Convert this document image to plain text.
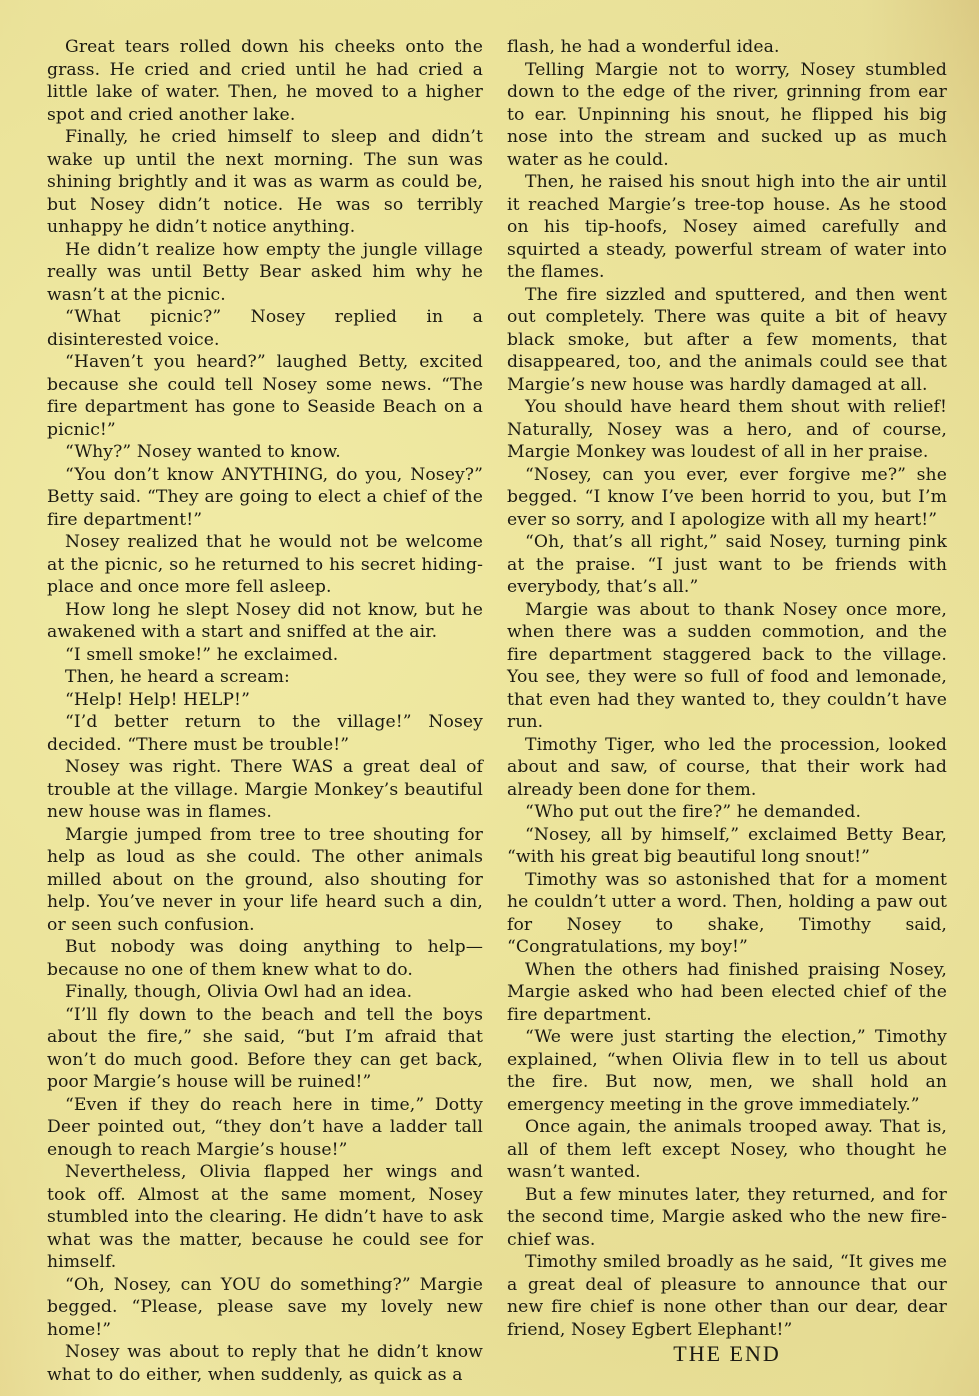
Great tears rolled down his cheeks onto the grass. He cried and cried until he had cried a little lake of water. Then, he moved to a higher spot and cried another lake.

Finally, he cried himself to sleep and didn’t wake up until the next morning. The sun was shining brightly and it was as warm as could be, but Nosey didn’t notice. He was so terribly unhappy he didn’t notice anything.

He didn’t realize how empty the jungle village really was until Betty Bear asked him why he wasn’t at the picnic.

“What picnic?” Nosey replied in a disinterested voice.

“Haven’t you heard?” laughed Betty, excited because she could tell Nosey some news. “The fire department has gone to Seaside Beach on a picnic!”

“Why?” Nosey wanted to know.

“You don’t know ANYTHING, do you, Nosey?” Betty said. “They are going to elect a chief of the fire department!”

Nosey realized that he would not be welcome at the picnic, so he returned to his secret hiding-place and once more fell asleep.

How long he slept Nosey did not know, but he awakened with a start and sniffed at the air.

“I smell smoke!” he exclaimed.

Then, he heard a scream:

“Help! Help! HELP!”

“I’d better return to the village!” Nosey decided. “There must be trouble!”

Nosey was right. There WAS a great deal of trouble at the village. Margie Monkey’s beautiful new house was in flames.

Margie jumped from tree to tree shouting for help as loud as she could. The other animals milled about on the ground, also shouting for help. You’ve never in your life heard such a din, or seen such confusion.

But nobody was doing anything to help—because no one of them knew what to do.

Finally, though, Olivia Owl had an idea.

“I’ll fly down to the beach and tell the boys about the fire,” she said, “but I’m afraid that won’t do much good. Before they can get back, poor Margie’s house will be ruined!”

“Even if they do reach here in time,” Dotty Deer pointed out, “they don’t have a ladder tall enough to reach Margie’s house!”

Nevertheless, Olivia flapped her wings and took off. Almost at the same moment, Nosey stumbled into the clearing. He didn’t have to ask what was the matter, because he could see for himself.

“Oh, Nosey, can YOU do something?” Margie begged. “Please, please save my lovely new home!”

Nosey was about to reply that he didn’t know what to do either, when suddenly, as quick as a

flash, he had a wonderful idea.

Telling Margie not to worry, Nosey stumbled down to the edge of the river, grinning from ear to ear. Unpinning his snout, he flipped his big nose into the stream and sucked up as much water as he could.

Then, he raised his snout high into the air until it reached Margie’s tree-top house. As he stood on his tip-hoofs, Nosey aimed carefully and squirted a steady, powerful stream of water into the flames.

The fire sizzled and sputtered, and then went out completely. There was quite a bit of heavy black smoke, but after a few moments, that disappeared, too, and the animals could see that Margie’s new house was hardly damaged at all.

You should have heard them shout with relief! Naturally, Nosey was a hero, and of course, Margie Monkey was loudest of all in her praise.

“Nosey, can you ever, ever forgive me?” she begged. “I know I’ve been horrid to you, but I’m ever so sorry, and I apologize with all my heart!”

“Oh, that’s all right,” said Nosey, turning pink at the praise. “I just want to be friends with everybody, that’s all.”

Margie was about to thank Nosey once more, when there was a sudden commotion, and the fire department staggered back to the village. You see, they were so full of food and lemonade, that even had they wanted to, they couldn’t have run.

Timothy Tiger, who led the procession, looked about and saw, of course, that their work had already been done for them.

“Who put out the fire?” he demanded.

“Nosey, all by himself,” exclaimed Betty Bear, “with his great big beautiful long snout!”

Timothy was so astonished that for a moment he couldn’t utter a word. Then, holding a paw out for Nosey to shake, Timothy said, “Congratulations, my boy!”

When the others had finished praising Nosey, Margie asked who had been elected chief of the fire department.

“We were just starting the election,” Timothy explained, “when Olivia flew in to tell us about the fire. But now, men, we shall hold an emergency meeting in the grove immediately.”

Once again, the animals trooped away. That is, all of them left except Nosey, who thought he wasn’t wanted.

But a few minutes later, they returned, and for the second time, Margie asked who the new fire-chief was.

Timothy smiled broadly as he said, “It gives me a great deal of pleasure to announce that our new fire chief is none other than our dear, dear friend, Nosey Egbert Elephant!”

THE END
